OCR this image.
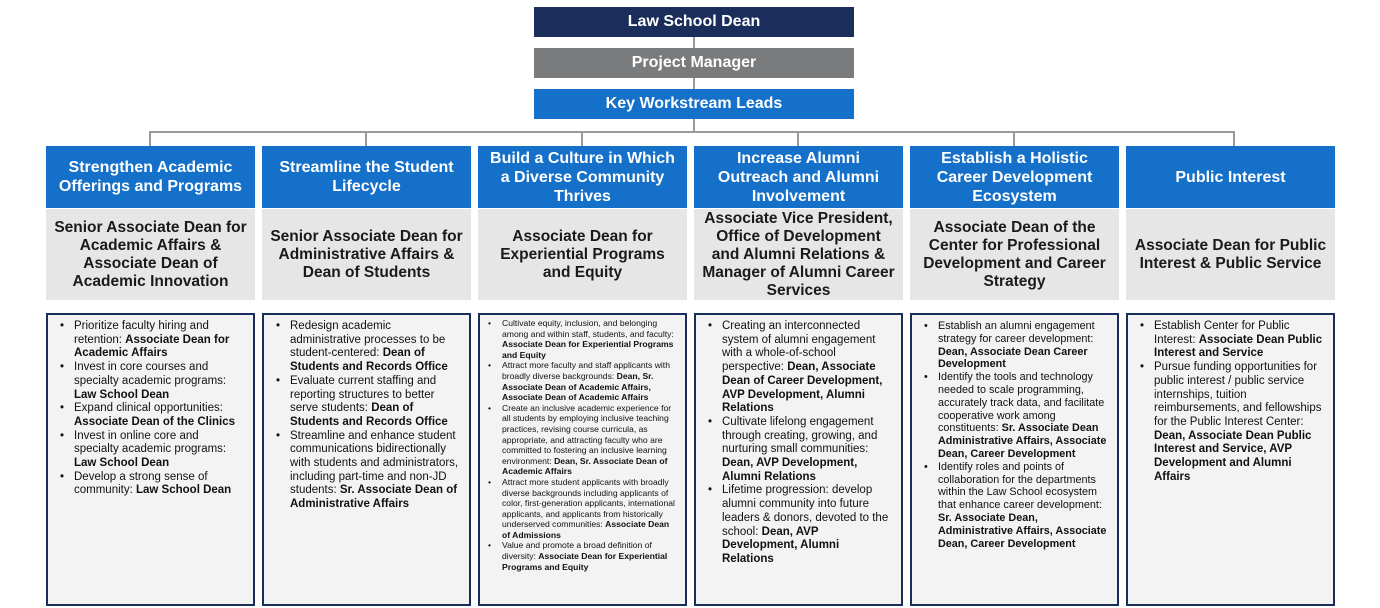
Law School Dean
Project Manager
Key Workstream Leads
Strengthen Academic Offerings and Programs
Senior Associate Dean for Academic Affairs & Associate Dean of Academic Innovation
• Prioritize faculty hiring and retention: Associate Dean for Academic Affairs
• Invest in core courses and specialty academic programs: Law School Dean
• Expand clinical opportunities: Associate Dean of the Clinics
• Invest in online core and specialty academic programs: Law School Dean
• Develop a strong sense of community: Law School Dean
Streamline the Student Lifecycle
Senior Associate Dean for Administrative Affairs & Dean of Students
• Redesign academic administrative processes to be student-centered: Dean of Students and Records Office
• Evaluate current staffing and reporting structures to better serve students: Dean of Students and Records Office
• Streamline and enhance student communications bidirectionally with students and administrators, including part-time and non-JD students: Sr. Associate Dean of Administrative Affairs
Build a Culture in Which a Diverse Community Thrives
Associate Dean for Experiential Programs and Equity
• Cultivate equity, inclusion, and belonging among and within staff, students, and faculty: Associate Dean for Experiential Programs and Equity
• Attract more faculty and staff applicants with broadly diverse backgrounds: Dean, Sr. Associate Dean of Academic Affairs, Associate Dean of Academic Affairs
• Create an inclusive academic experience for all students by employing inclusive teaching practices, revising course curricula, as appropriate, and attracting faculty who are committed to fostering an inclusive learning environment: Dean, Sr. Associate Dean of Academic Affairs
• Attract more student applicants with broadly diverse backgrounds including applicants of color, first-generation applicants, international applicants, and applicants from historically underserved communities: Associate Dean of Admissions
• Value and promote a broad definition of diversity: Associate Dean for Experiential Programs and Equity
Increase Alumni Outreach and Alumni Involvement
Associate Vice President, Office of Development and Alumni Relations & Manager of Alumni Career Services
• Creating an interconnected system of alumni engagement with a whole-of-school perspective: Dean, Associate Dean of Career Development, AVP Development, Alumni Relations
• Cultivate lifelong engagement through creating, growing, and nurturing small communities: Dean, AVP Development, Alumni Relations
• Lifetime progression: develop alumni community into future leaders & donors, devoted to the school: Dean, AVP Development, Alumni Relations
Establish a Holistic Career Development Ecosystem
Associate Dean of the Center for Professional Development and Career Strategy
• Establish an alumni engagement strategy for career development: Dean, Associate Dean Career Development
• Identify the tools and technology needed to scale programming, accurately track data, and facilitate cooperative work among constituents: Sr. Associate Dean Administrative Affairs, Associate Dean, Career Development
• Identify roles and points of collaboration for the departments within the Law School ecosystem that enhance career development: Sr. Associate Dean, Administrative Affairs, Associate Dean, Career Development
Public Interest
Associate Dean for Public Interest & Public Service
• Establish Center for Public Interest: Associate Dean Public Interest and Service
• Pursue funding opportunities for public interest / public service internships, tuition reimbursements, and fellowships for the Public Interest Center: Dean, Associate Dean Public Interest and Service, AVP Development and Alumni Affairs
